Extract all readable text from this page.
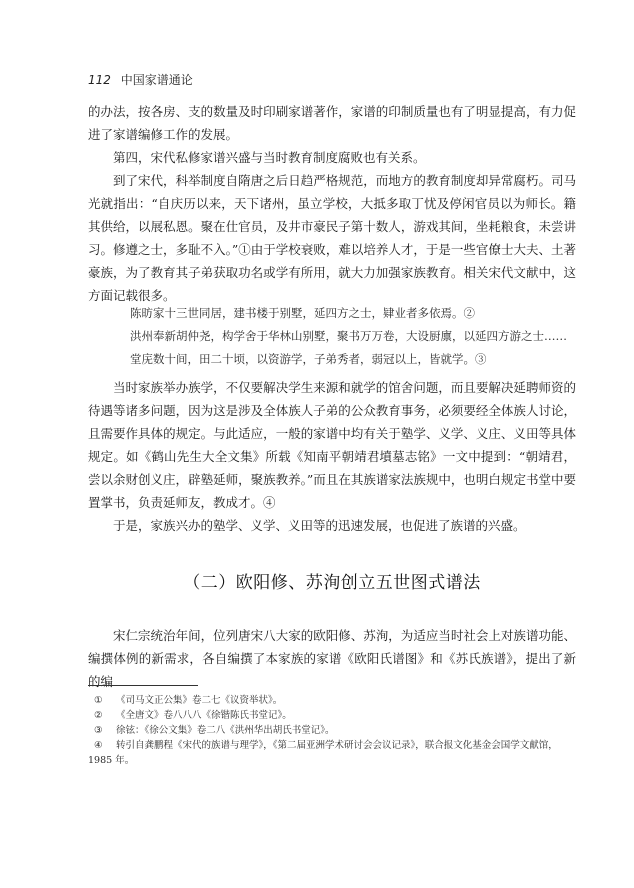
112 中国家谱通论

的办法，按各房、支的数量及时印刷家谱著作，家谱的印制质量也有了明显提高，有力促进了家谱编修工作的发展。

第四，宋代私修家谱兴盛与当时教育制度腐败也有关系。

到了宋代，科举制度自隋唐之后日趋严格规范，而地方的教育制度却异常腐朽。司马光就指出：“自庆历以来，天下诸州，虽立学校，大抵多取丁忧及停闲官员以为师长。籍其供给，以展私恩。聚在仕官员，及井市豪民子第十数人，游戏其间，坐耗粮食，未尝讲习。修遵之士，多耻不入。”①由于学校衰败，难以培养人才，于是一些官僚士大夫、土著豪族，为了教育其子弟获取功名或学有所用，就大力加强家族教育。相关宋代文献中，这方面记载很多。

陈昉家十三世同居，建书楼于别墅，延四方之士，肄业者多依焉。②

洪州奉新胡仲尧，构学舍于华林山别墅，聚书万万卷，大设厨廪，以延四方游之士……堂庑数十间，田二十顷，以资游学，子弟秀者，弱冠以上，皆就学。③

当时家族举办族学，不仅要解决学生来源和就学的馆舍问题，而且要解决延聘师资的待遇等诸多问题，因为这是涉及全体族人子弟的公众教育事务，必须要经全体族人讨论，且需要作具体的规定。与此适应，一般的家谱中均有关于塾学、义学、义庄、义田等具体规定。如《鹤山先生大全文集》所载《知南平朝靖君墳墓志铭》一文中提到：“朝靖君，尝以余财创义庄，辟塾延师，聚族教养。”而且在其族谱家法族规中，也明白规定书堂中要置掌书，负责延师友，教成才。④

于是，家族兴办的塾学、义学、义田等的迅速发展，也促进了族谱的兴盛。

（二）欧阳修、苏洵创立五世图式谱法

宋仁宗统治年间，位列唐宋八大家的欧阳修、苏洵，为适应当时社会上对族谱功能、编撰体例的新需求，各自编撰了本家族的家谱《欧阳氏谱图》和《苏氏族谱》，提出了新的编

① 《司马文正公集》卷二七《议资举状》。

② 《全唐文》卷八八八《徐锴陈氏书堂记》。

③ 徐铉：《徐公文集》卷二八《洪州华出胡氏书堂记》。

④ 转引自龚鹏程《宋代的族谱与理学》，《第二届亚洲学术研讨会会议记录》，联合报文化基金会国学文献馆，1985 年。
